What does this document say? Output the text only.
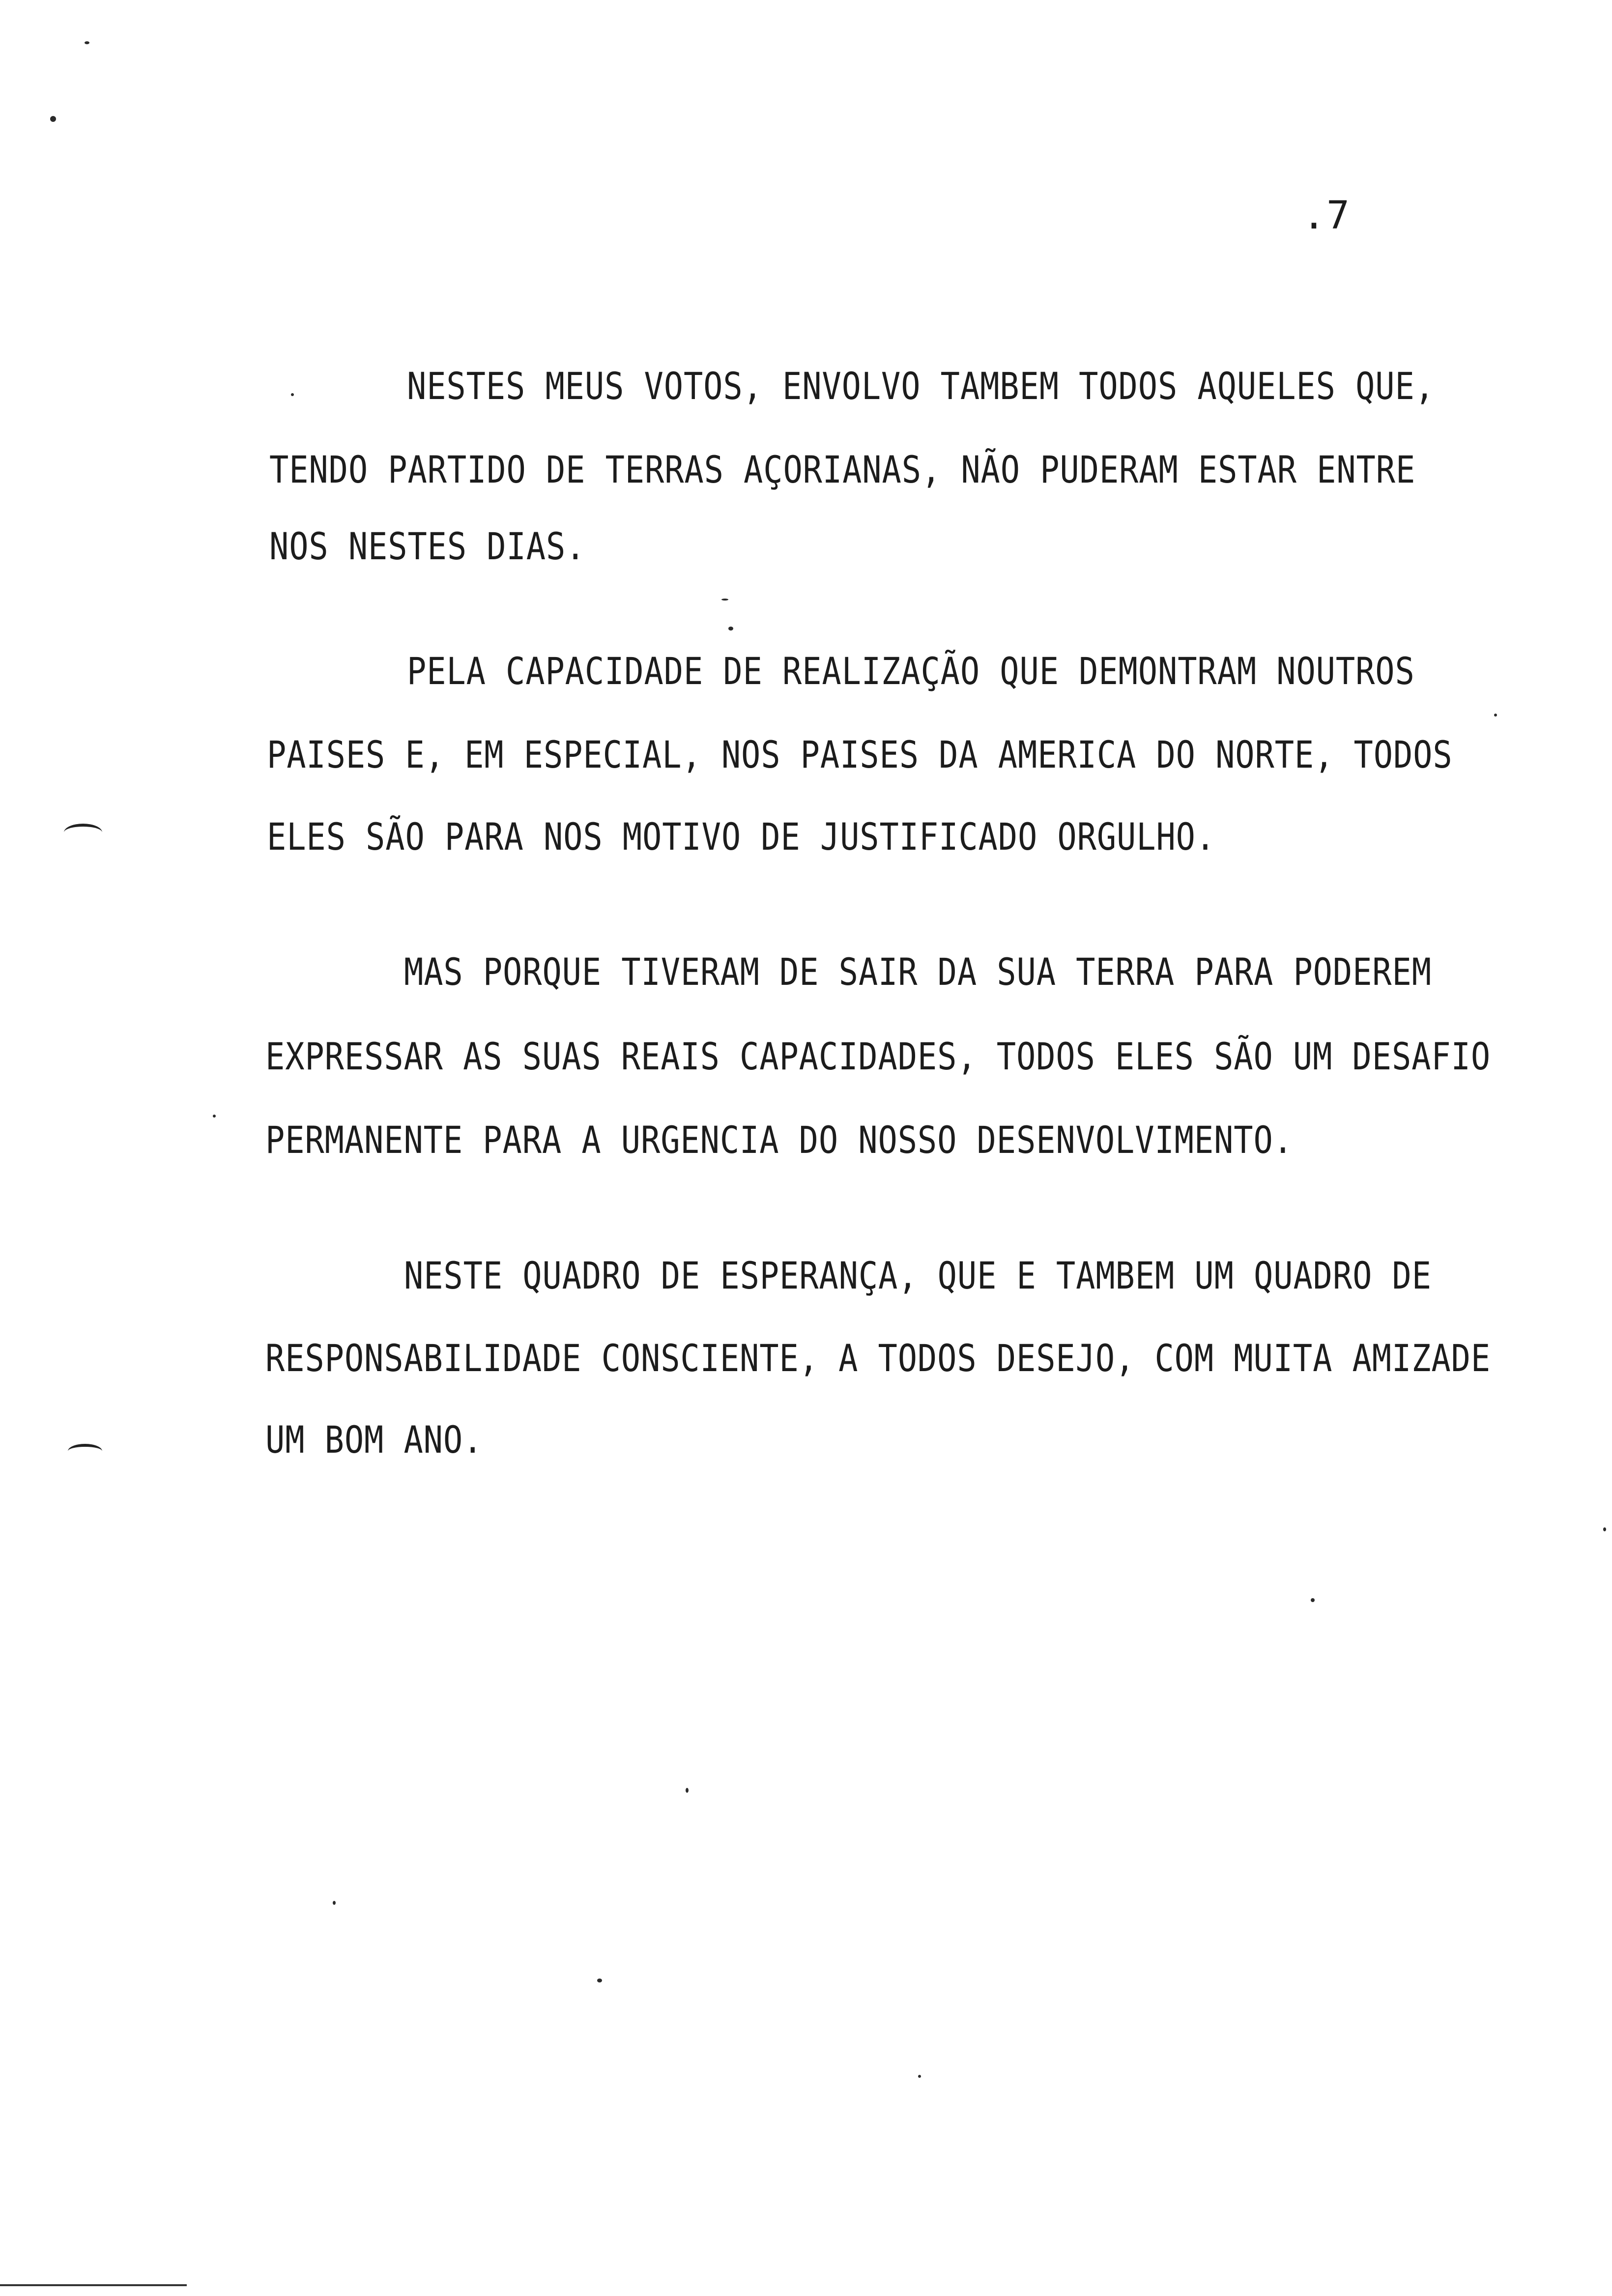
.7
NESTES MEUS VOTOS, ENVOLVO TAMBEM TODOS AQUELES QUE,
TENDO PARTIDO DE TERRAS AÇORIANAS, NÃO PUDERAM ESTAR ENTRE
NOS NESTES DIAS.
PELA CAPACIDADE DE REALIZAÇÃO QUE DEMONTRAM NOUTROS
PAISES E, EM ESPECIAL, NOS PAISES DA AMERICA DO NORTE, TODOS
ELES SÃO PARA NOS MOTIVO DE JUSTIFICADO ORGULHO.
MAS PORQUE TIVERAM DE SAIR DA SUA TERRA PARA PODEREM
EXPRESSAR AS SUAS REAIS CAPACIDADES, TODOS ELES SÃO UM DESAFIO
PERMANENTE PARA A URGENCIA DO NOSSO DESENVOLVIMENTO.
NESTE QUADRO DE ESPERANÇA, QUE E TAMBEM UM QUADRO DE
RESPONSABILIDADE CONSCIENTE, A TODOS DESEJO, COM MUITA AMIZADE
UM BOM ANO.
